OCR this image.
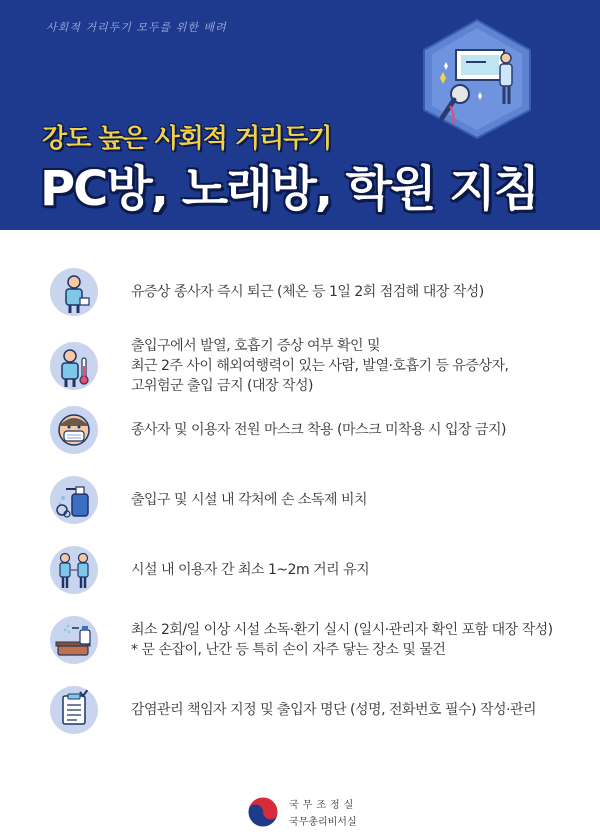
사회적 거리두기 모두를 위한 배려
강도 높은 사회적 거리두기
PC방, 노래방, 학원 지침
유증상 종사자 즉시 퇴근 (체온 등 1일 2회 점검해 대장 작성)
출입구에서 발열, 호흡기 증상 여부 확인 및
최근 2주 사이 해외여행력이 있는 사람, 발열·호흡기 등 유증상자,
고위험군 출입 금지 (대장 작성)
종사자 및 이용자 전원 마스크 착용 (마스크 미착용 시 입장 금지)
출입구 및 시설 내 각처에 손 소독제 비치
시설 내 이용자 간 최소 1~2m 거리 유지
최소 2회/일 이상 시설 소독·환기 실시 (일시·관리자 확인 포함 대장 작성)
* 문 손잡이, 난간 등 특히 손이 자주 닿는 장소 및 물건
감염관리 책임자 지정 및 출입자 명단 (성명, 전화번호 필수) 작성·관리
국무조정실
국무총리비서실
